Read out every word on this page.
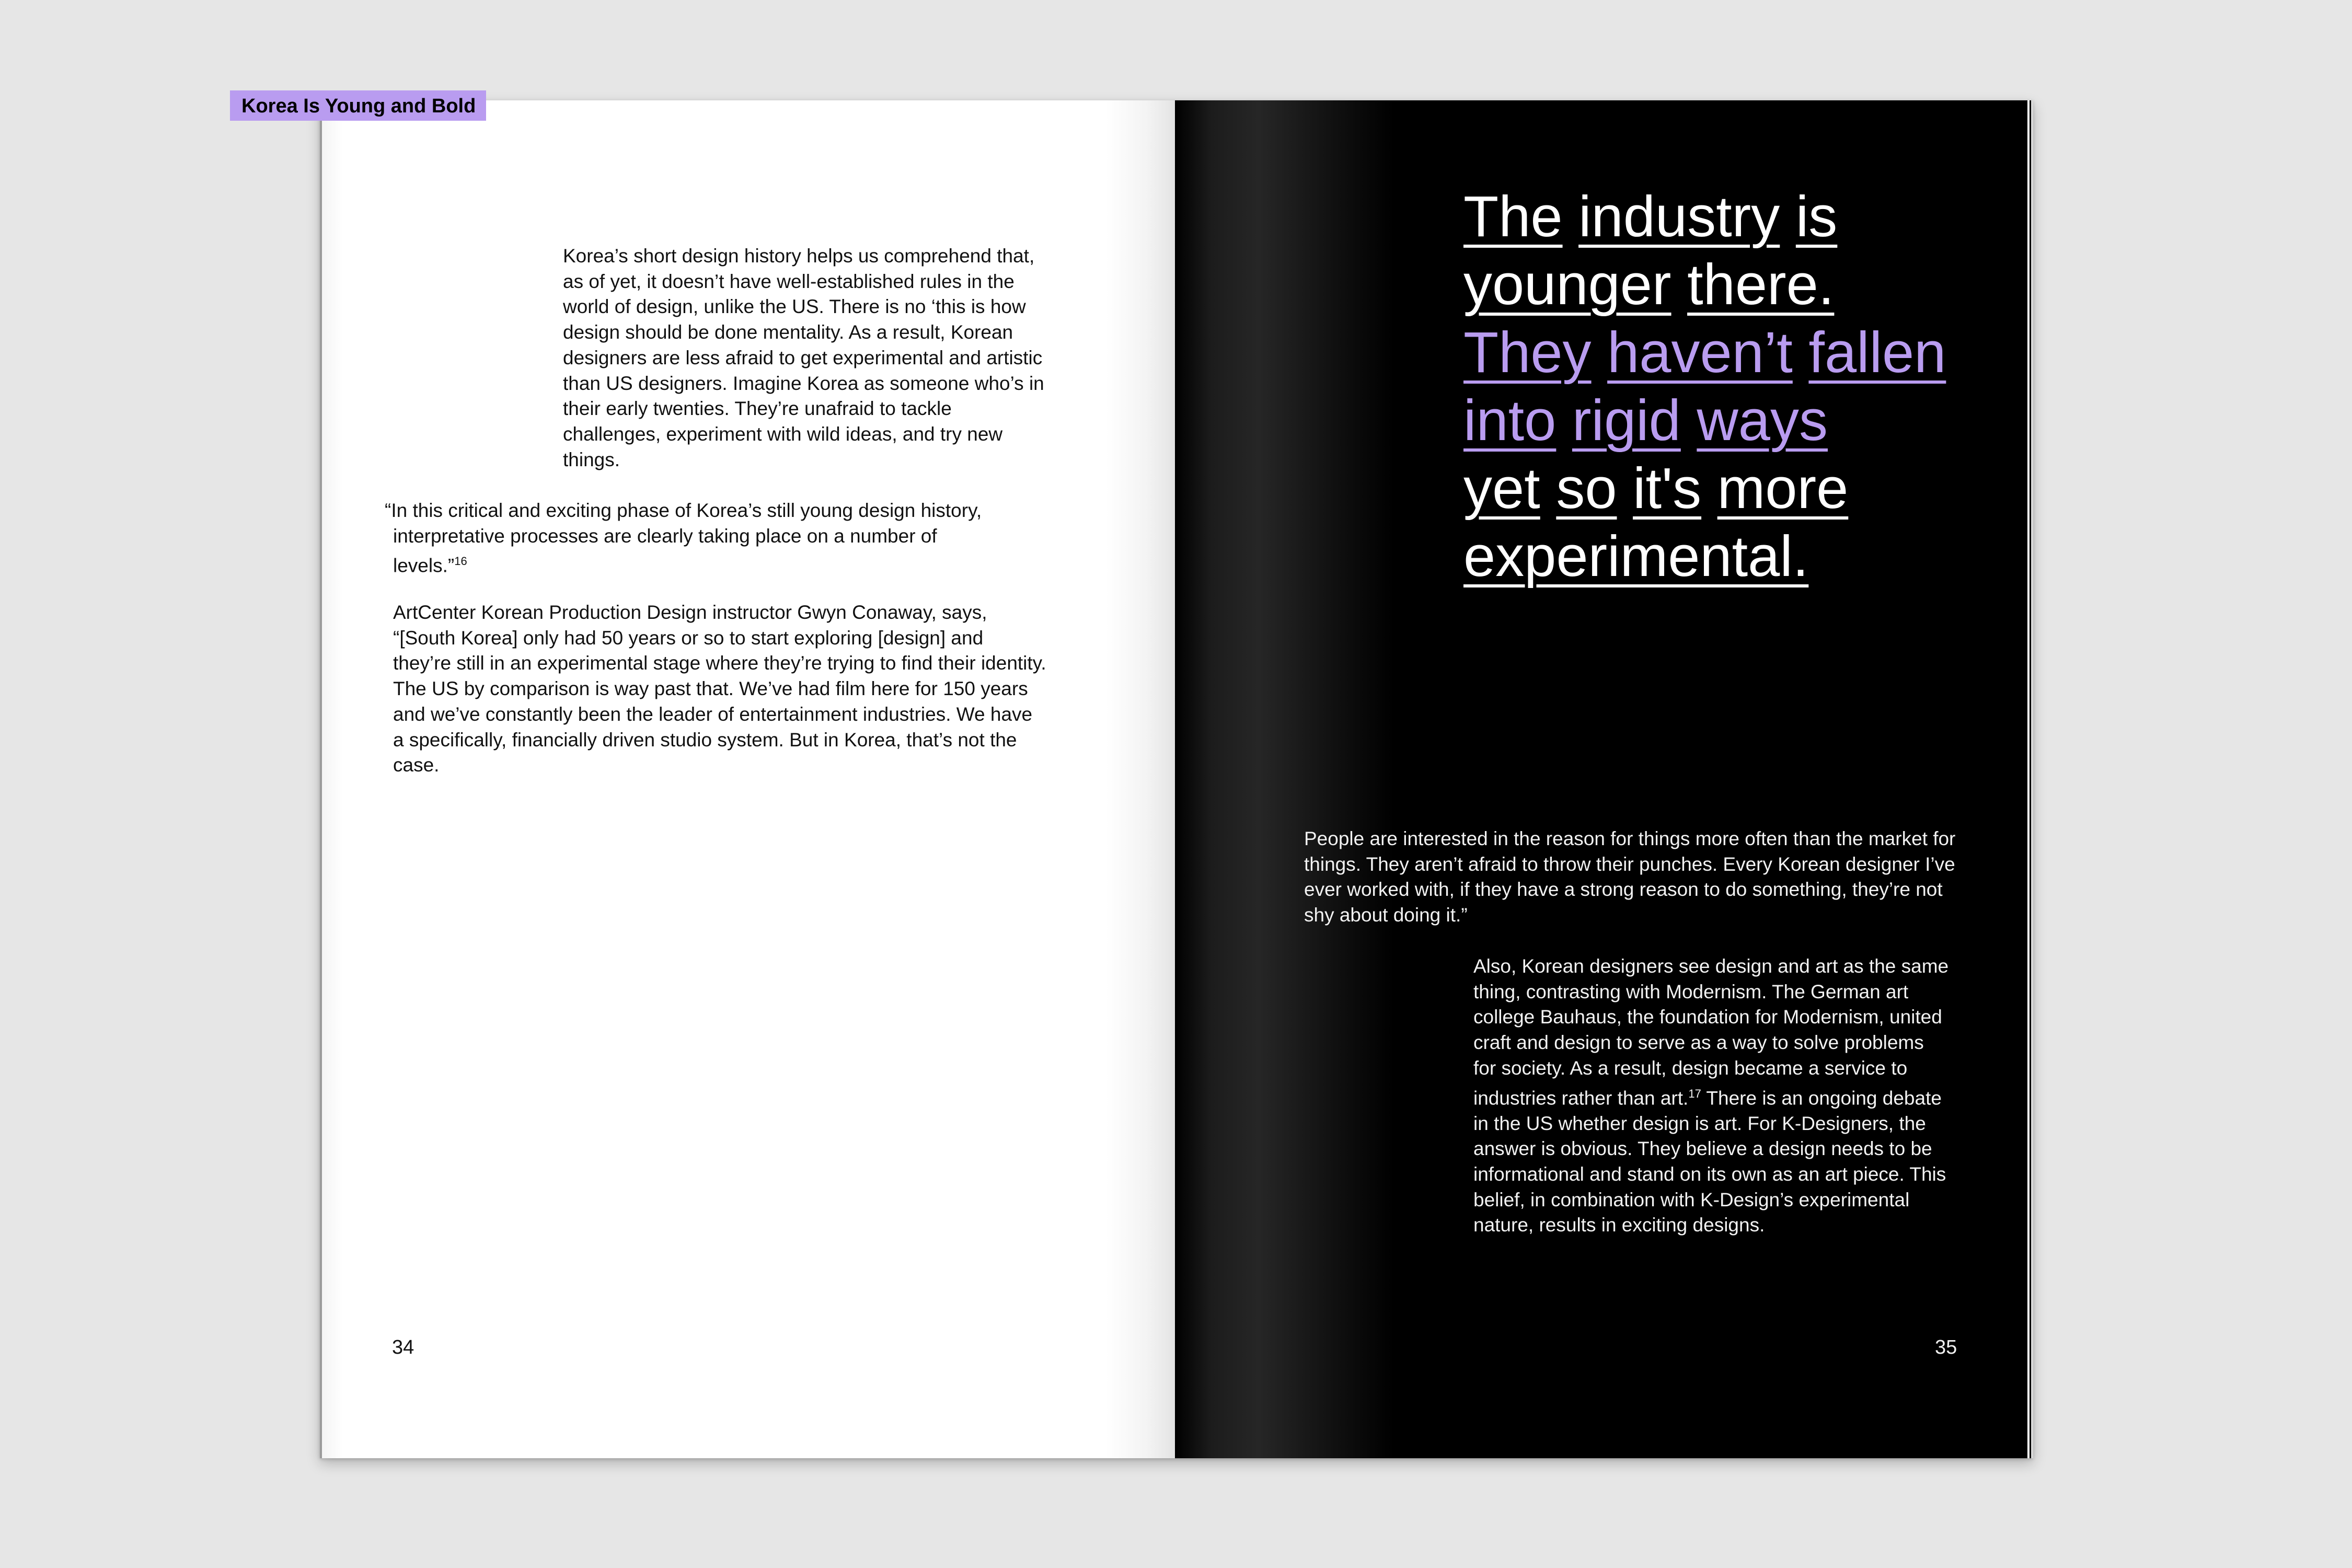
Korea Is Young and Bold

Korea’s short design history helps us comprehend that, as of yet, it doesn’t have well-established rules in the world of design, unlike the US. There is no ‘this is how design should be done mentality. As a result, Korean designers are less afraid to get experimental and artistic than US designers. Imagine Korea as someone who’s in their early twenties. They’re unafraid to tackle challenges, experiment with wild ideas, and try new things.

“In this critical and exciting phase of Korea’s still young design history, interpretative processes are clearly taking place on a number of levels.”$^{16}$

ArtCenter Korean Production Design instructor Gwyn Conaway, says, “[South Korea] only had 50 years or so to start exploring [design] and they’re still in an experimental stage where they’re trying to find their identity. The US by comparison is way past that. We’ve had film here for 150 years and we’ve constantly been the leader of entertainment industries. We have a specifically, financially driven studio system. But in Korea, that’s not the case.

34
The industry is
younger there.
They haven’t fallen
into rigid ways
yet so it's more
experimental.

People are interested in the reason for things more often than the market for things. They aren’t afraid to throw their punches. Every Korean designer I’ve ever worked with, if they have a strong reason to do something, they’re not shy about doing it.”

Also, Korean designers see design and art as the same thing, contrasting with Modernism. The German art college Bauhaus, the foundation for Modernism, united craft and design to serve as a way to solve problems for society. As a result, design became a service to industries rather than art.$^{17}$ There is an ongoing debate in the US whether design is art. For K-Designers, the answer is obvious. They believe a design needs to be informational and stand on its own as an art piece. This belief, in combination with K-Design’s experimental nature, results in exciting designs.

35
